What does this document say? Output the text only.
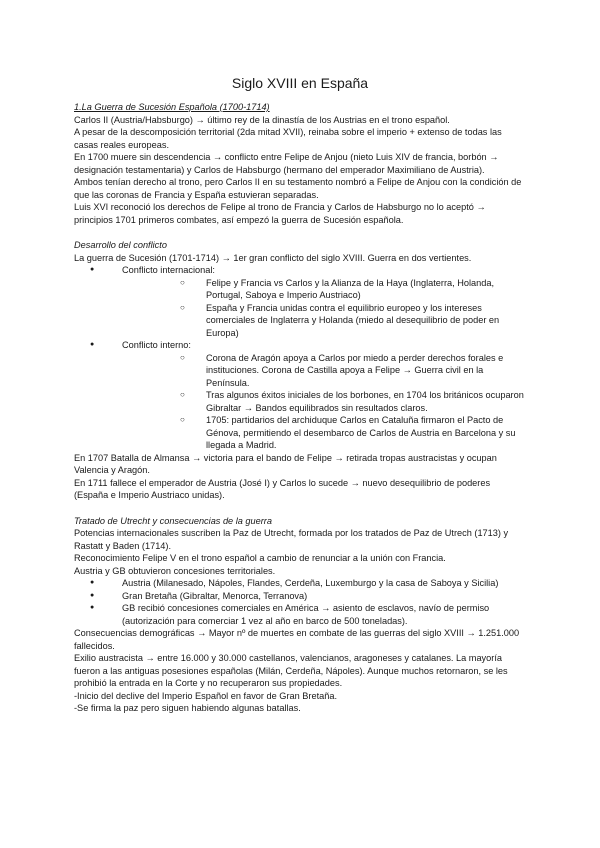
Siglo XVIII en España

1.La Guerra de Sucesión Española (1700-1714)

Carlos II (Austria/Habsburgo) → último rey de la dinastía de los Austrias en el trono español.

A pesar de la descomposición territorial (2da mitad XVII), reinaba sobre el imperio + extenso de todas las casas reales europeas.

En 1700 muere sin descendencia → conflicto entre Felipe de Anjou (nieto Luis XIV de francia, borbón → designación testamentaria) y Carlos de Habsburgo (hermano del emperador Maximiliano de Austria).

Ambos tenían derecho al trono, pero Carlos II en su testamento nombró a Felipe de Anjou con la condición de que las coronas de Francia y España estuvieran separadas.

Luis XVI reconoció los derechos de Felipe al trono de Francia y Carlos de Habsburgo no lo aceptó → principios 1701 primeros combates, así empezó la guerra de Sucesión española.

Desarrollo del conflicto

La guerra de Sucesión (1701-1714) → 1er gran conflicto del siglo XVIII. Guerra en dos vertientes.

● Conflicto internacional:
○ Felipe y Francia vs Carlos y la Alianza de la Haya (Inglaterra, Holanda, Portugal, Saboya e Imperio Austriaco)
○ España y Francia unidas contra el equilibrio europeo y los intereses comerciales de Inglaterra y Holanda (miedo al desequilibrio de poder en Europa)
● Conflicto interno:
○ Corona de Aragón apoya a Carlos por miedo a perder derechos forales e instituciones. Corona de Castilla apoya a Felipe → Guerra civil en la Península.
○ Tras algunos éxitos iniciales de los borbones, en 1704 los británicos ocuparon Gibraltar → Bandos equilibrados sin resultados claros.
○ 1705: partidarios del archiduque Carlos en Cataluña firmaron el Pacto de Génova, permitiendo el desembarco de Carlos de Austria en Barcelona y su llegada a Madrid.

En 1707 Batalla de Almansa → victoria para el bando de Felipe → retirada tropas austracistas y ocupan Valencia y Aragón.

En 1711 fallece el emperador de Austria (José I) y Carlos lo sucede → nuevo desequilibrio de poderes (España e Imperio Austriaco unidas).

Tratado de Utrecht y consecuencias de la guerra

Potencias internacionales suscriben la Paz de Utrecht, formada por los tratados de Paz de Utrech (1713) y Rastatt y Baden (1714).

Reconocimiento Felipe V en el trono español a cambio de renunciar a la unión con Francia.

Austria y GB obtuvieron concesiones territoriales.

● Austria (Milanesado, Nápoles, Flandes, Cerdeña, Luxemburgo y la casa de Saboya y Sicilia)
● Gran Bretaña (Gibraltar, Menorca, Terranova)
● GB recibió concesiones comerciales en América → asiento de esclavos, navío de permiso (autorización para comerciar 1 vez al año en barco de 500 toneladas).

Consecuencias demográficas → Mayor nº de muertes en combate de las guerras del siglo XVIII → 1.251.000 fallecidos.

Exilio austracista → entre 16.000 y 30.000 castellanos, valencianos, aragoneses y catalanes. La mayoría fueron a las antiguas posesiones españolas (Milán, Cerdeña, Nápoles). Aunque muchos retornaron, se les prohibió la entrada en la Corte y no recuperaron sus propiedades.

-Inicio del declive del Imperio Español en favor de Gran Bretaña.

-Se firma la paz pero siguen habiendo algunas batallas.
